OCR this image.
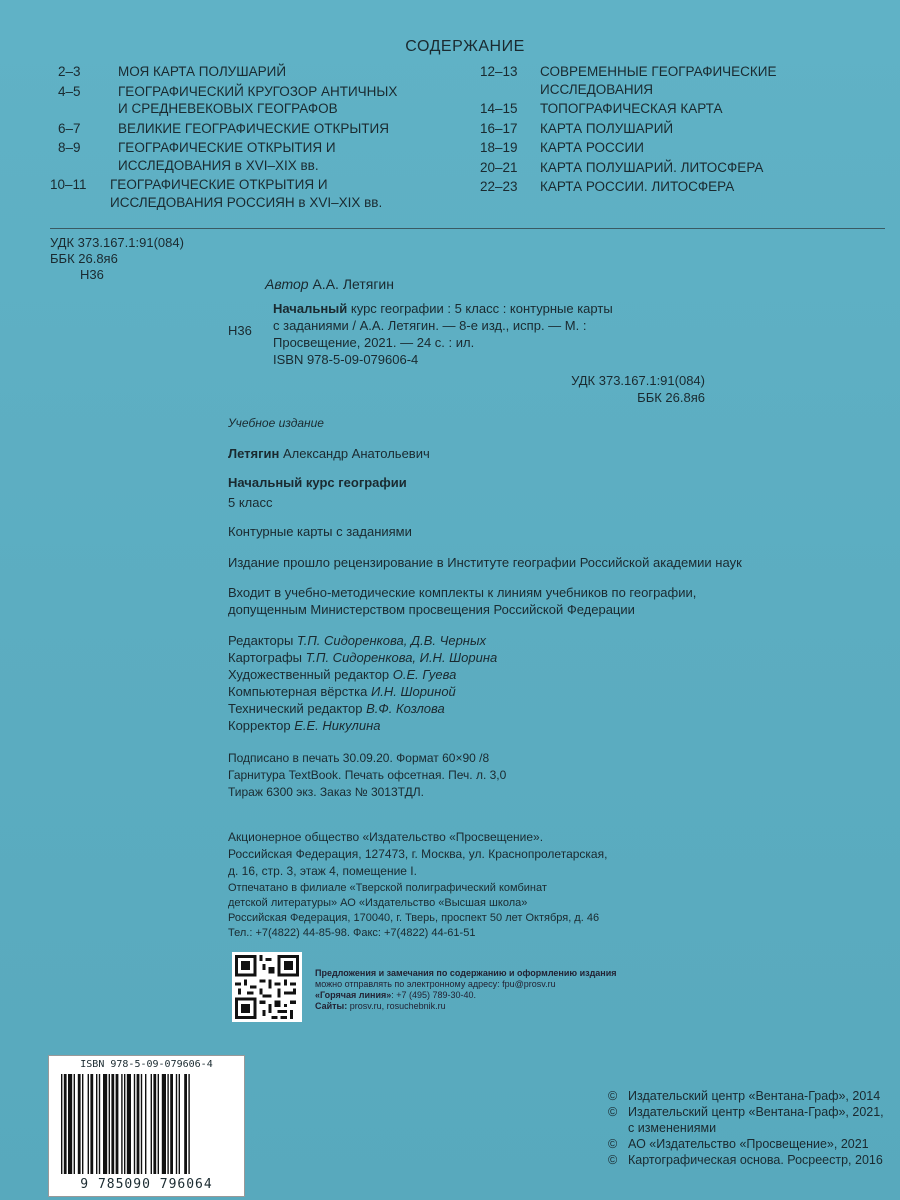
СОДЕРЖАНИЕ
2–3	МОЯ КАРТА ПОЛУШАРИЙ
4–5	ГЕОГРАФИЧЕСКИЙ КРУГОЗОР АНТИЧНЫХ
И СРЕДНЕВЕКОВЫХ ГЕОГРАФОВ
6–7	ВЕЛИКИЕ ГЕОГРАФИЧЕСКИЕ ОТКРЫТИЯ
8–9	ГЕОГРАФИЧЕСКИЕ ОТКРЫТИЯ И
ИССЛЕДОВАНИЯ в XVI–XIX вв.
10–11	ГЕОГРАФИЧЕСКИЕ ОТКРЫТИЯ И
ИССЛЕДОВАНИЯ РОССИЯН в XVI–XIX вв.
12–13	СОВРЕМЕННЫЕ ГЕОГРАФИЧЕСКИЕ
ИССЛЕДОВАНИЯ
14–15	ТОПОГРАФИЧЕСКАЯ КАРТА
16–17	КАРТА ПОЛУШАРИЙ
18–19	КАРТА РОССИИ
20–21	КАРТА ПОЛУШАРИЙ. ЛИТОСФЕРА
22–23	КАРТА РОССИИ. ЛИТОСФЕРА
УДК 373.167.1:91(084)
ББК 26.8я6
Н36
Автор А.А. Летягин
Н36
Начальный курс географии : 5 класс : контурные карты
с заданиями / А.А. Летягин. — 8-е изд., испр. — М. :
Просвещение, 2021. — 24 с. : ил.
ISBN 978-5-09-079606-4
УДК 373.167.1:91(084)
ББК 26.8я6
Учебное издание
Летягин Александр Анатольевич
Начальный курс географии
5 класс
Контурные карты с заданиями
Издание прошло рецензирование в Институте географии Российской академии наук
Входит в учебно-методические комплекты к линиям учебников по географии,
допущенным Министерством просвещения Российской Федерации
Редакторы Т.П. Сидоренкова, Д.В. Черных
Картографы Т.П. Сидоренкова, И.Н. Шорина
Художественный редактор О.Е. Гуева
Компьютерная вёрстка И.Н. Шориной
Технический редактор В.Ф. Козлова
Корректор Е.Е. Никулина
Подписано в печать 30.09.20. Формат 60×90 /8
Гарнитура TextBook. Печать офсетная. Печ. л. 3,0
Тираж 6300 экз. Заказ № 3013ТДЛ.
Акционерное общество «Издательство «Просвещение».
Российская Федерация, 127473, г. Москва, ул. Краснопролетарская,
д. 16, стр. 3, этаж 4, помещение I.
Отпечатано в филиале «Тверской полиграфический комбинат
детской литературы» АО «Издательство «Высшая школа»
Российская Федерация, 170040, г. Тверь, проспект 50 лет Октября, д. 46
Тел.: +7(4822) 44-85-98. Факс: +7(4822) 44-61-51
Предложения и замечания по содержанию и оформлению издания
можно отправлять по электронному адресу: fpu@prosv.ru
«Горячая линия»: +7 (495) 789-30-40.
Сайты: prosv.ru, rosuchebnik.ru
ISBN 978-5-09-079606-4
9 785090 796064
© Издательский центр «Вентана-Граф», 2014
© Издательский центр «Вентана-Граф», 2021,
с изменениями
© АО «Издательство «Просвещение», 2021
© Картографическая основа. Росреестр, 2016
